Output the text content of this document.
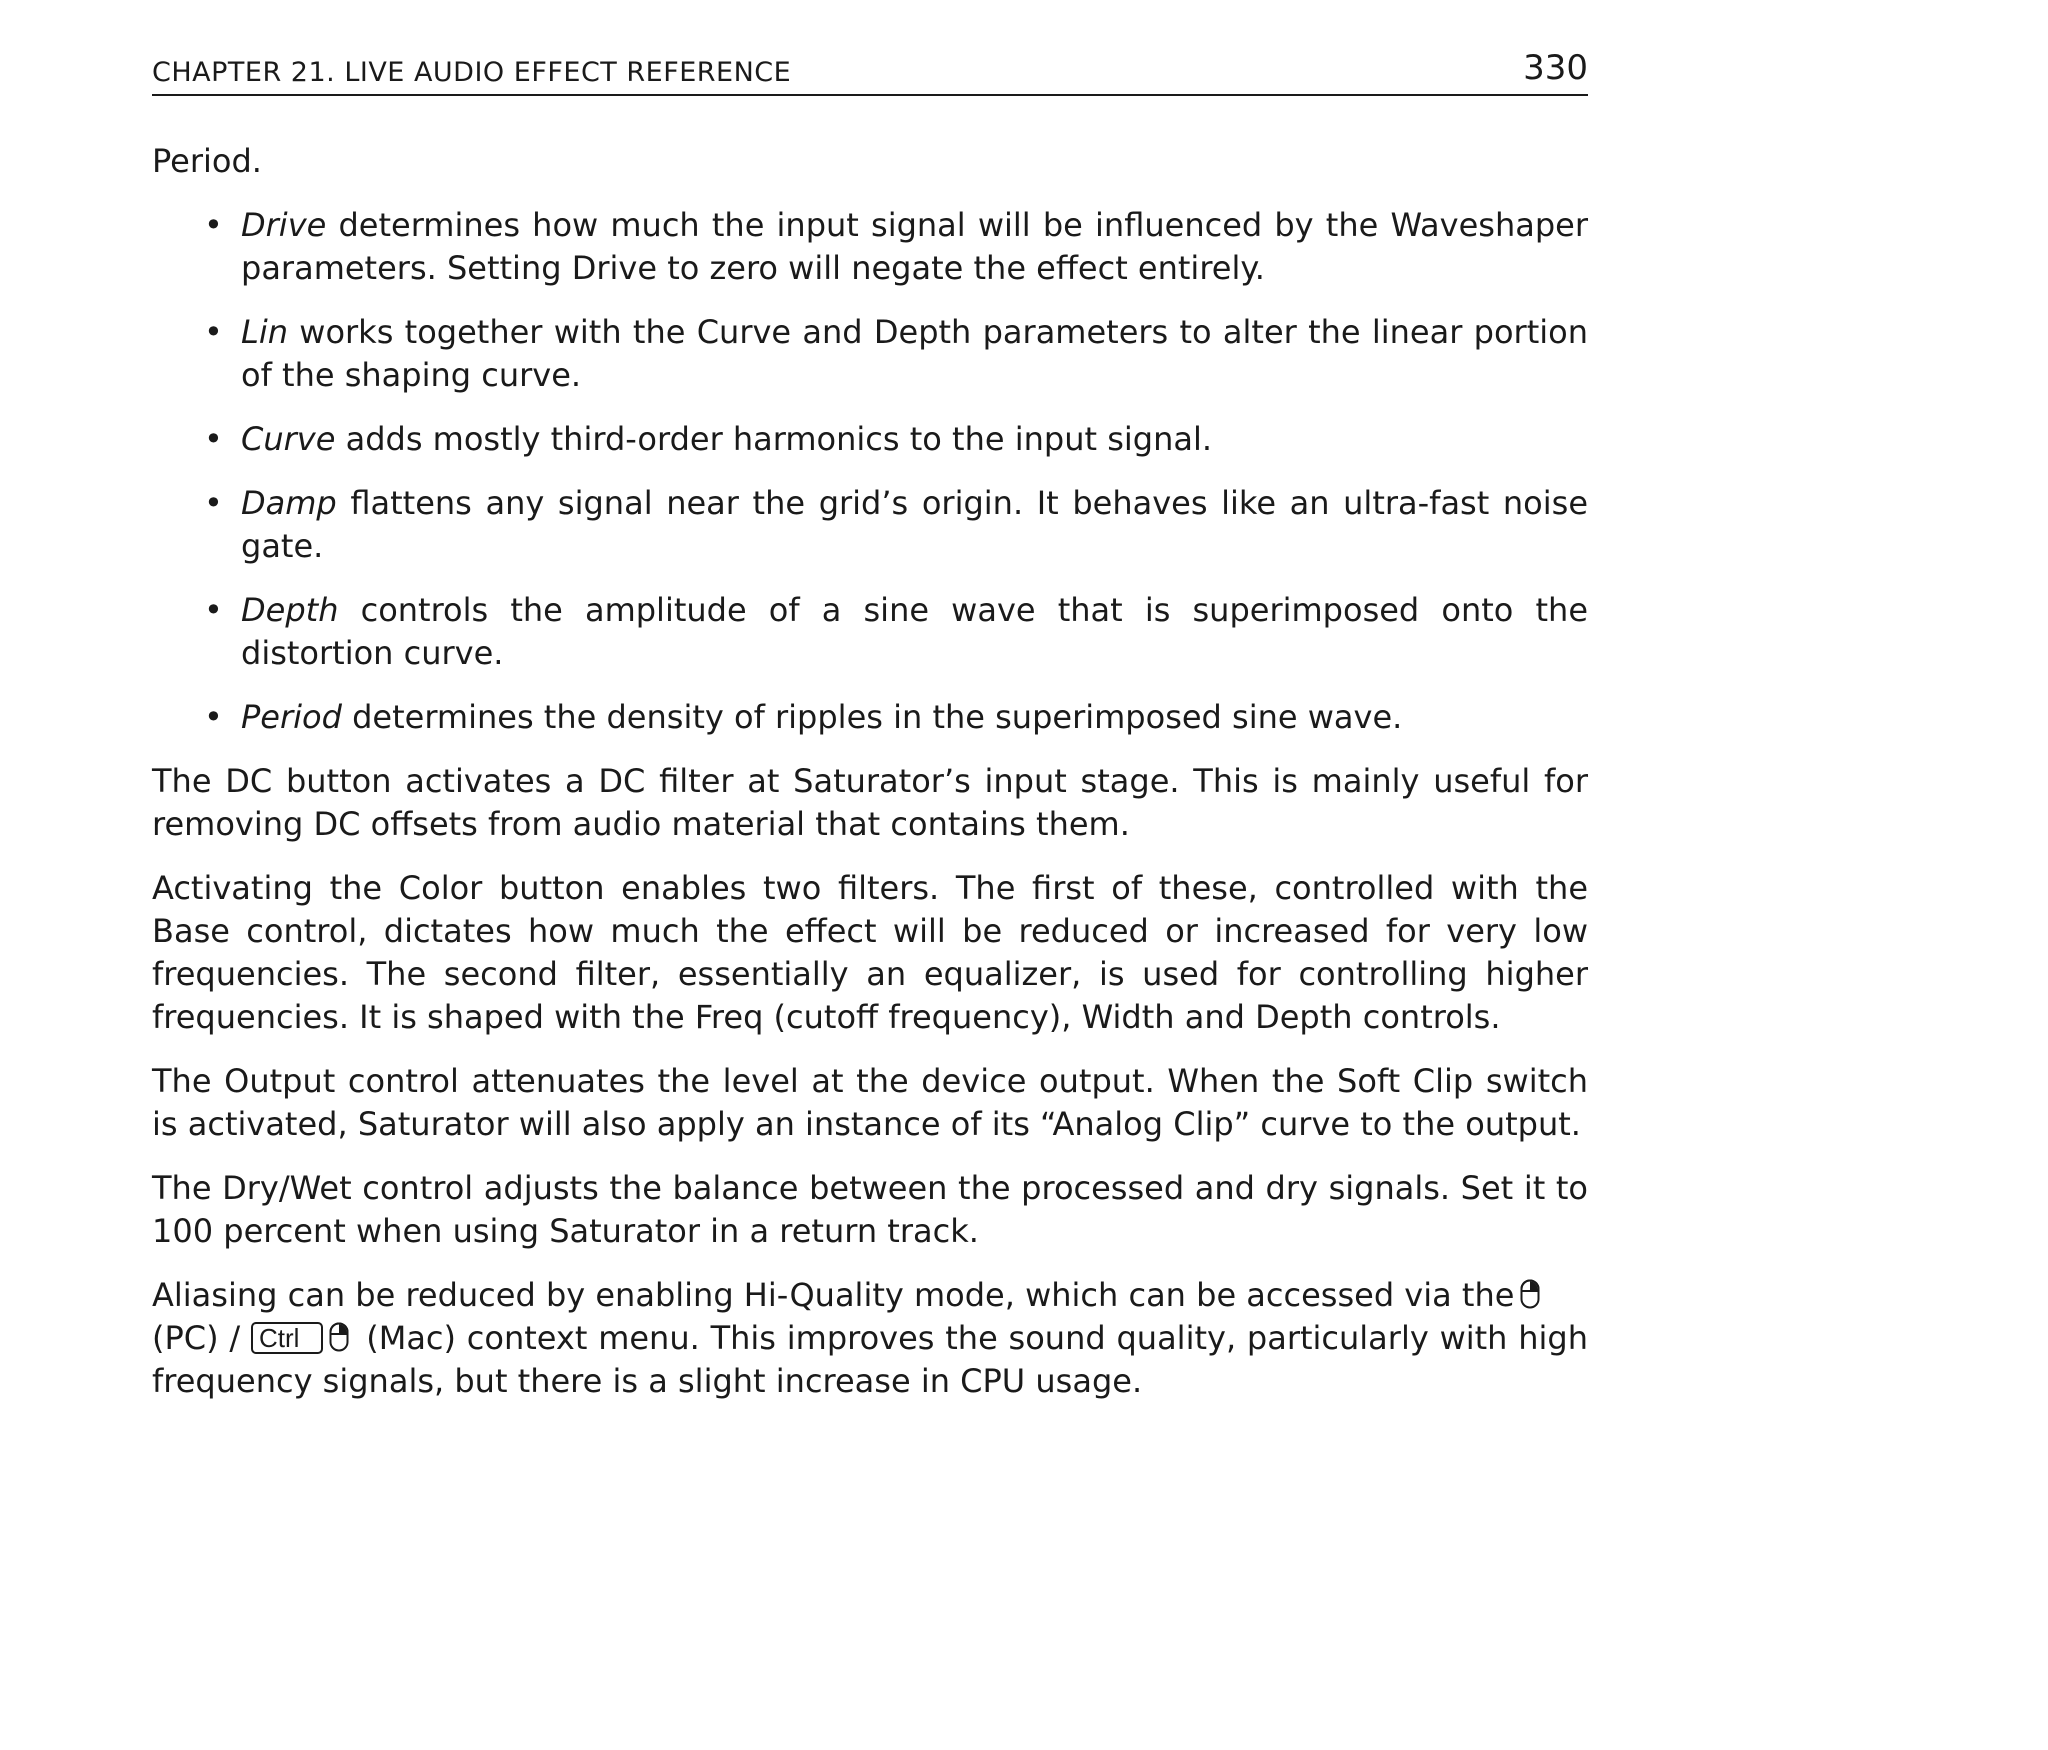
CHAPTER 21. LIVE AUDIO EFFECT REFERENCE	330

Period.

• Drive determines how much the input signal will be influenced by the Waveshaper parameters. Setting Drive to zero will negate the effect entirely.
• Lin works together with the Curve and Depth parameters to alter the linear portion of the shaping curve.
• Curve adds mostly third-order harmonics to the input signal.
• Damp flattens any signal near the grid’s origin. It behaves like an ultra-fast noise gate.
• Depth controls the amplitude of a sine wave that is superimposed onto the distortion curve.
• Period determines the density of ripples in the superimposed sine wave.

The DC button activates a DC filter at Saturator’s input stage. This is mainly useful for removing DC offsets from audio material that contains them.

Activating the Color button enables two filters. The first of these, controlled with the Base control, dictates how much the effect will be reduced or increased for very low frequencies. The second filter, essentially an equalizer, is used for controlling higher frequencies. It is shaped with the Freq (cutoff frequency), Width and Depth controls.

The Output control attenuates the level at the device output. When the Soft Clip switch is activated, Saturator will also apply an instance of its “Analog Clip” curve to the output.

The Dry/Wet control adjusts the balance between the processed and dry signals. Set it to 100 percent when using Saturator in a return track.

Aliasing can be reduced by enabling Hi-Quality mode, which can be accessed via the
(PC) / Ctrl (Mac) context menu. This improves the sound quality, particularly with high frequency signals, but there is a slight increase in CPU usage.
